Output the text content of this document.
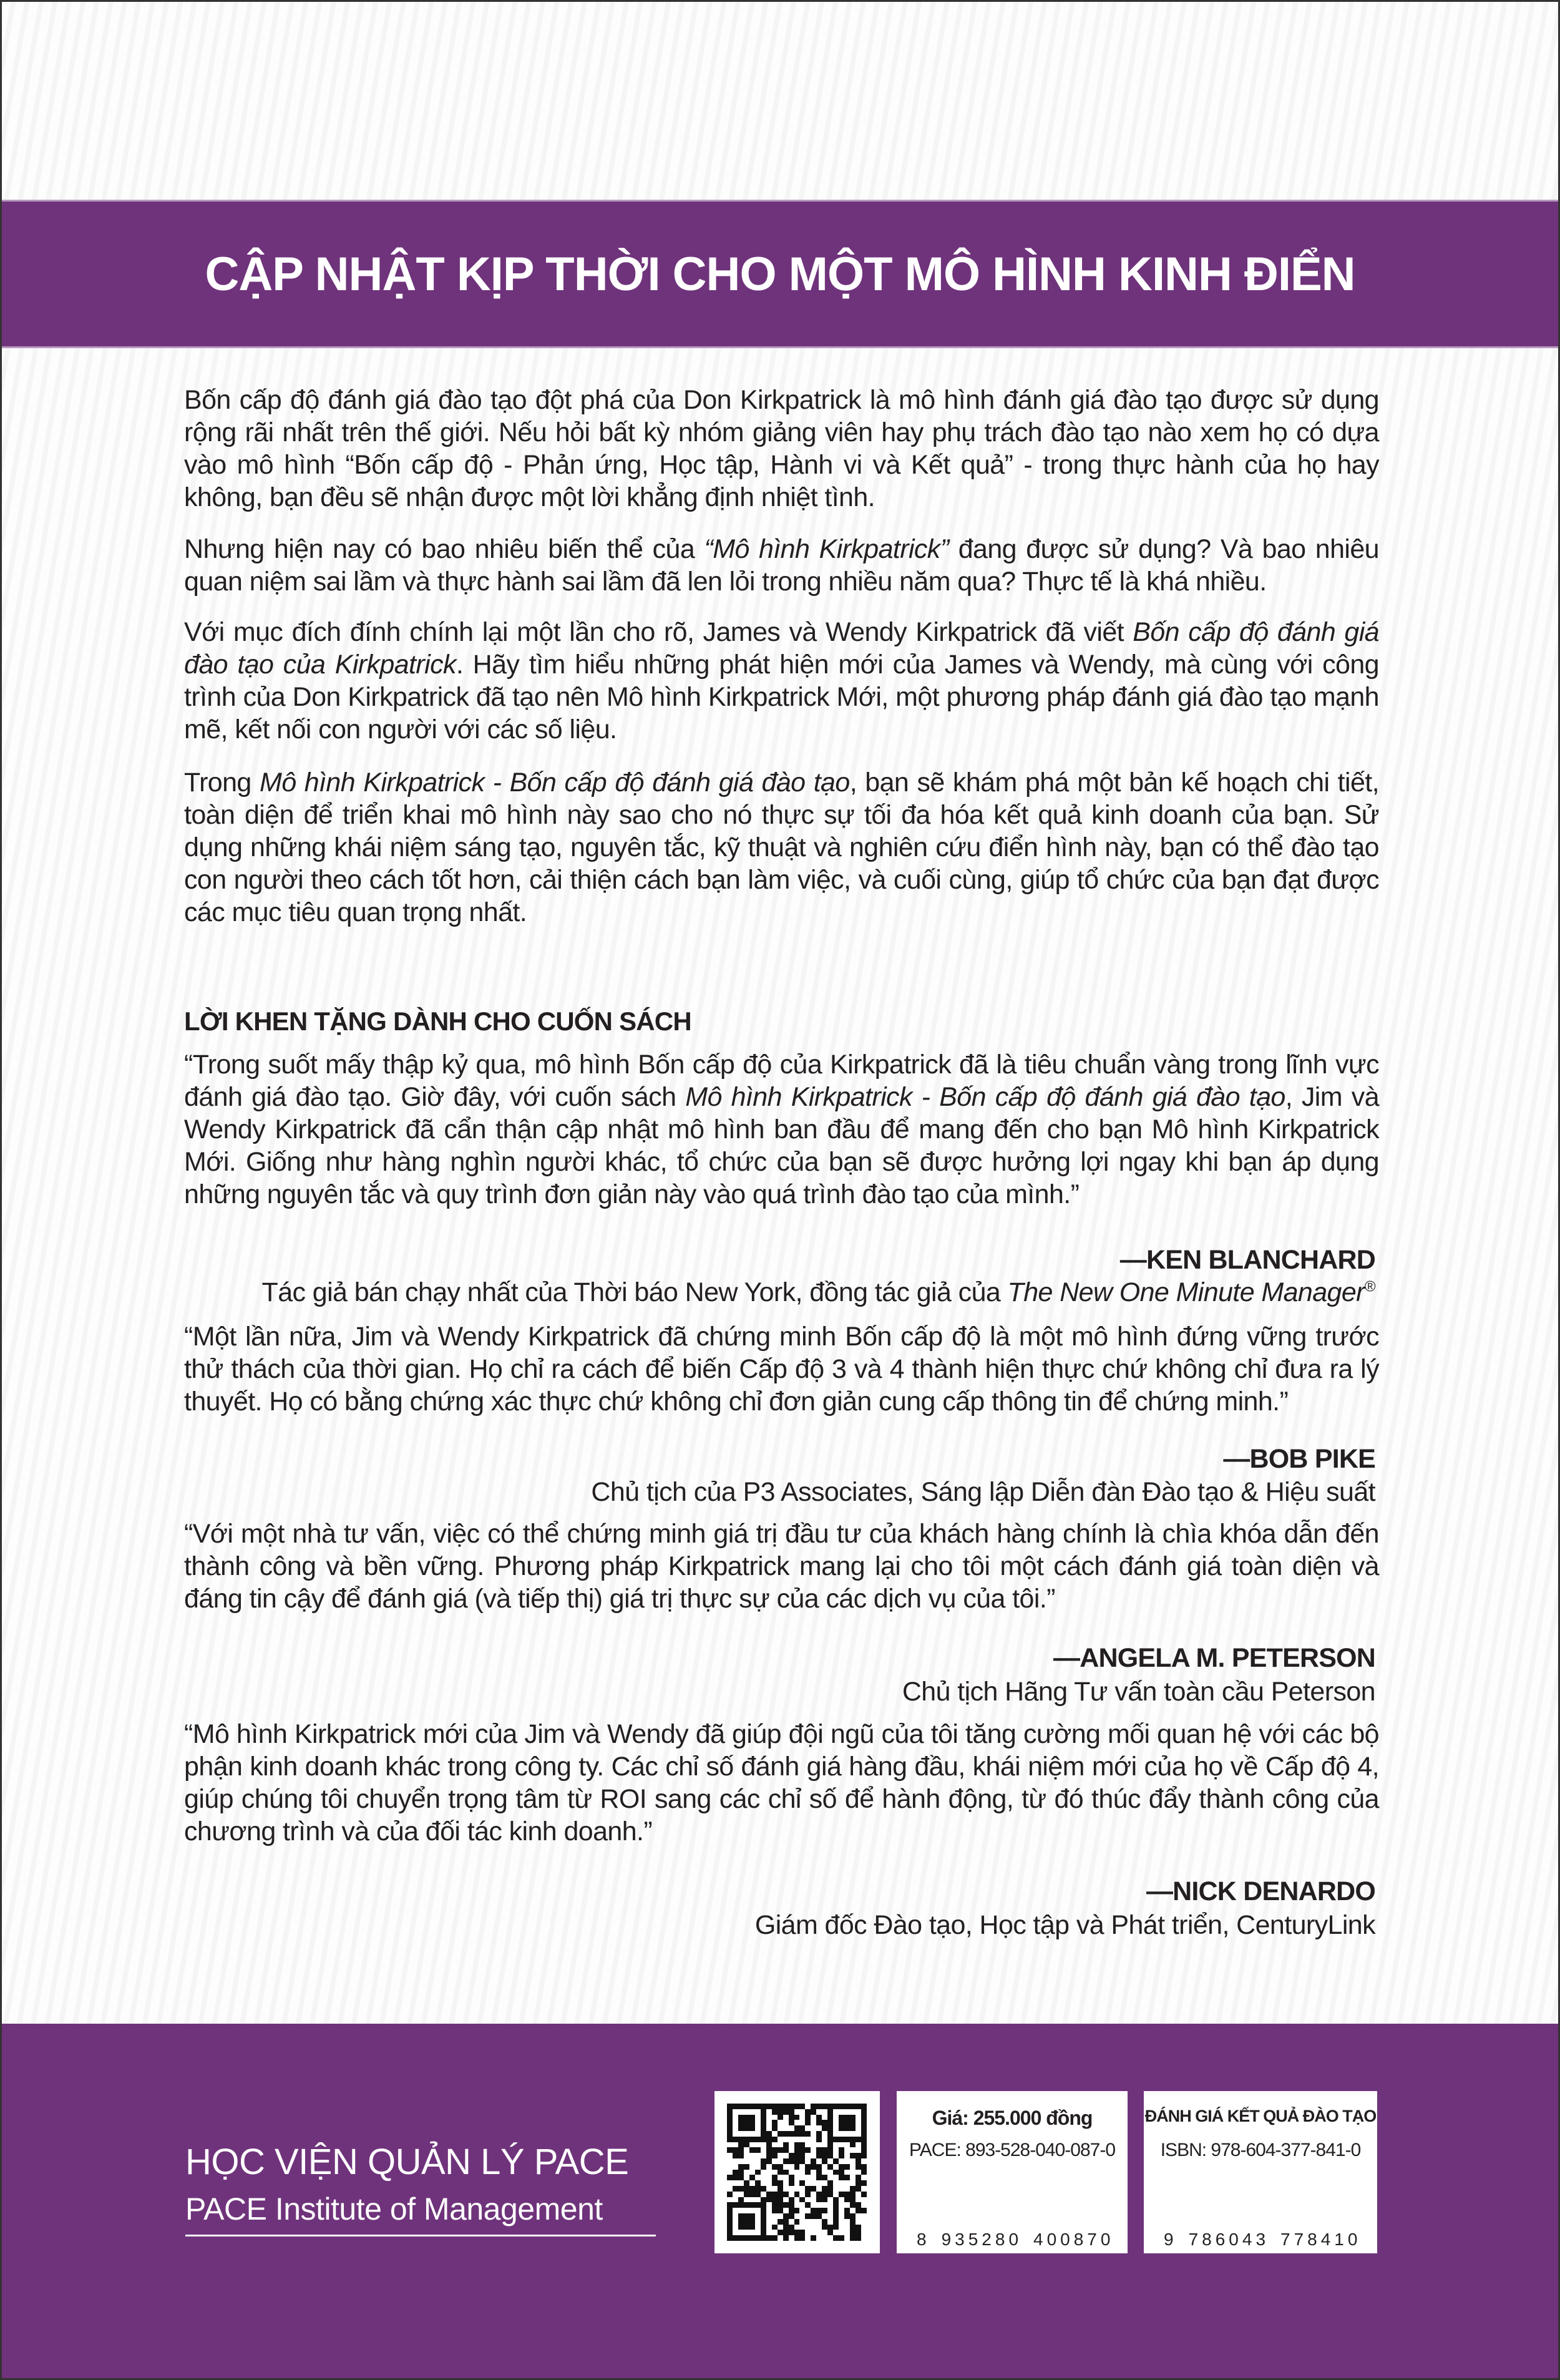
CẬP NHẬT KỊP THỜI CHO MỘT MÔ HÌNH KINH ĐIỂN

Bốn cấp độ đánh giá đào tạo đột phá của Don Kirkpatrick là mô hình đánh giá đào tạo được sử dụng rộng rãi nhất trên thế giới. Nếu hỏi bất kỳ nhóm giảng viên hay phụ trách đào tạo nào xem họ có dựa vào mô hình “Bốn cấp độ - Phản ứng, Học tập, Hành vi và Kết quả” - trong thực hành của họ hay không, bạn đều sẽ nhận được một lời khẳng định nhiệt tình.

Nhưng hiện nay có bao nhiêu biến thể của “Mô hình Kirkpatrick” đang được sử dụng? Và bao nhiêu quan niệm sai lầm và thực hành sai lầm đã len lỏi trong nhiều năm qua? Thực tế là khá nhiều.

Với mục đích đính chính lại một lần cho rõ, James và Wendy Kirkpatrick đã viết Bốn cấp độ đánh giá đào tạo của Kirkpatrick. Hãy tìm hiểu những phát hiện mới của James và Wendy, mà cùng với công trình của Don Kirkpatrick đã tạo nên Mô hình Kirkpatrick Mới, một phương pháp đánh giá đào tạo mạnh mẽ, kết nối con người với các số liệu.

Trong Mô hình Kirkpatrick - Bốn cấp độ đánh giá đào tạo, bạn sẽ khám phá một bản kế hoạch chi tiết, toàn diện để triển khai mô hình này sao cho nó thực sự tối đa hóa kết quả kinh doanh của bạn. Sử dụng những khái niệm sáng tạo, nguyên tắc, kỹ thuật và nghiên cứu điển hình này, bạn có thể đào tạo con người theo cách tốt hơn, cải thiện cách bạn làm việc, và cuối cùng, giúp tổ chức của bạn đạt được các mục tiêu quan trọng nhất.

LỜI KHEN TẶNG DÀNH CHO CUỐN SÁCH

“Trong suốt mấy thập kỷ qua, mô hình Bốn cấp độ của Kirkpatrick đã là tiêu chuẩn vàng trong lĩnh vực đánh giá đào tạo. Giờ đây, với cuốn sách Mô hình Kirkpatrick - Bốn cấp độ đánh giá đào tạo, Jim và Wendy Kirkpatrick đã cẩn thận cập nhật mô hình ban đầu để mang đến cho bạn Mô hình Kirkpatrick Mới. Giống như hàng nghìn người khác, tổ chức của bạn sẽ được hưởng lợi ngay khi bạn áp dụng những nguyên tắc và quy trình đơn giản này vào quá trình đào tạo của mình.”

—KEN BLANCHARD
Tác giả bán chạy nhất của Thời báo New York, đồng tác giả của The New One Minute Manager®

“Một lần nữa, Jim và Wendy Kirkpatrick đã chứng minh Bốn cấp độ là một mô hình đứng vững trước thử thách của thời gian. Họ chỉ ra cách để biến Cấp độ 3 và 4 thành hiện thực chứ không chỉ đưa ra lý thuyết. Họ có bằng chứng xác thực chứ không chỉ đơn giản cung cấp thông tin để chứng minh.”

—BOB PIKE
Chủ tịch của P3 Associates, Sáng lập Diễn đàn Đào tạo & Hiệu suất

“Với một nhà tư vấn, việc có thể chứng minh giá trị đầu tư của khách hàng chính là chìa khóa dẫn đến thành công và bền vững. Phương pháp Kirkpatrick mang lại cho tôi một cách đánh giá toàn diện và đáng tin cậy để đánh giá (và tiếp thị) giá trị thực sự của các dịch vụ của tôi.”

—ANGELA M. PETERSON
Chủ tịch Hãng Tư vấn toàn cầu Peterson

“Mô hình Kirkpatrick mới của Jim và Wendy đã giúp đội ngũ của tôi tăng cường mối quan hệ với các bộ phận kinh doanh khác trong công ty. Các chỉ số đánh giá hàng đầu, khái niệm mới của họ về Cấp độ 4, giúp chúng tôi chuyển trọng tâm từ ROI sang các chỉ số để hành động, từ đó thúc đẩy thành công của chương trình và của đối tác kinh doanh.”

—NICK DENARDO
Giám đốc Đào tạo, Học tập và Phát triển, CenturyLink
HỌC VIỆN QUẢN LÝ PACE
PACE Institute of Management
Giá: 255.000 đồng
PACE: 893-528-040-087-0
8 935280 400870
ĐÁNH GIÁ KẾT QUẢ ĐÀO TẠO
ISBN: 978-604-377-841-0
9 786043 778410
